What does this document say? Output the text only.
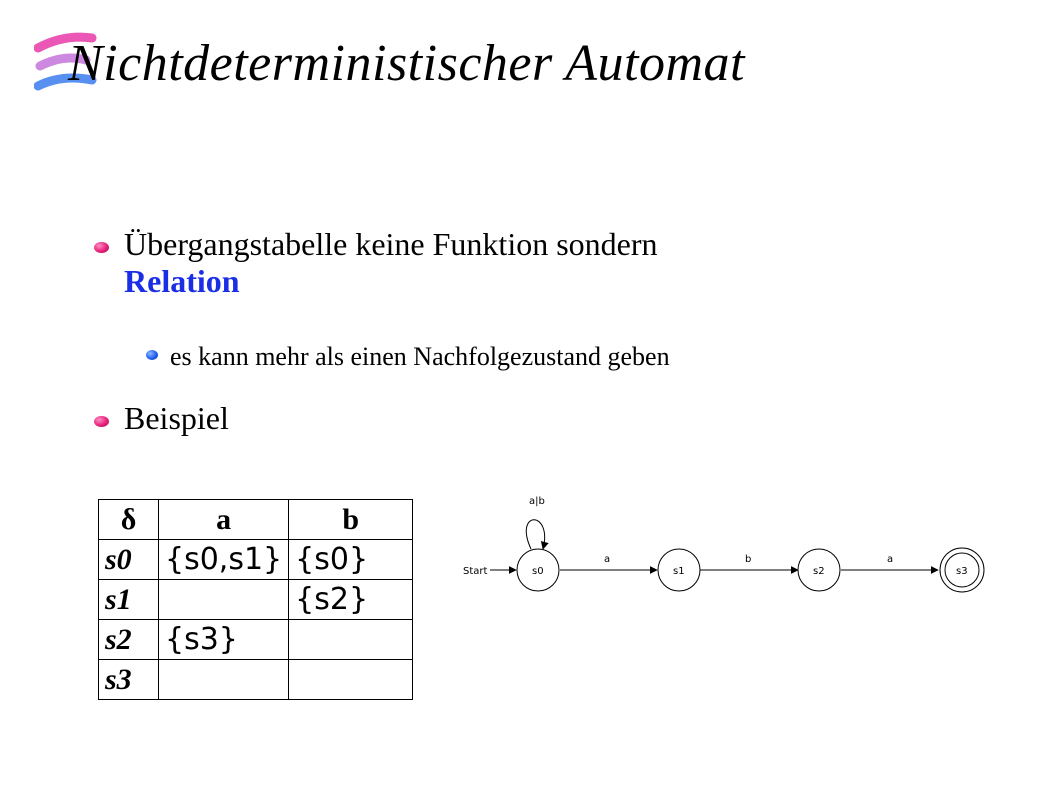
Nichtdeterministischer Automat
Übergangstabelle keine Funktion sondern
Relation
es kann mehr als einen Nachfolgezustand geben
Beispiel
δ	a	b
s0	{s0,s1}	{s0}
s1		{s2}
s2	{s3}	
s3		
Start
a|b
a	b	a
s0	s1	s2	s3
